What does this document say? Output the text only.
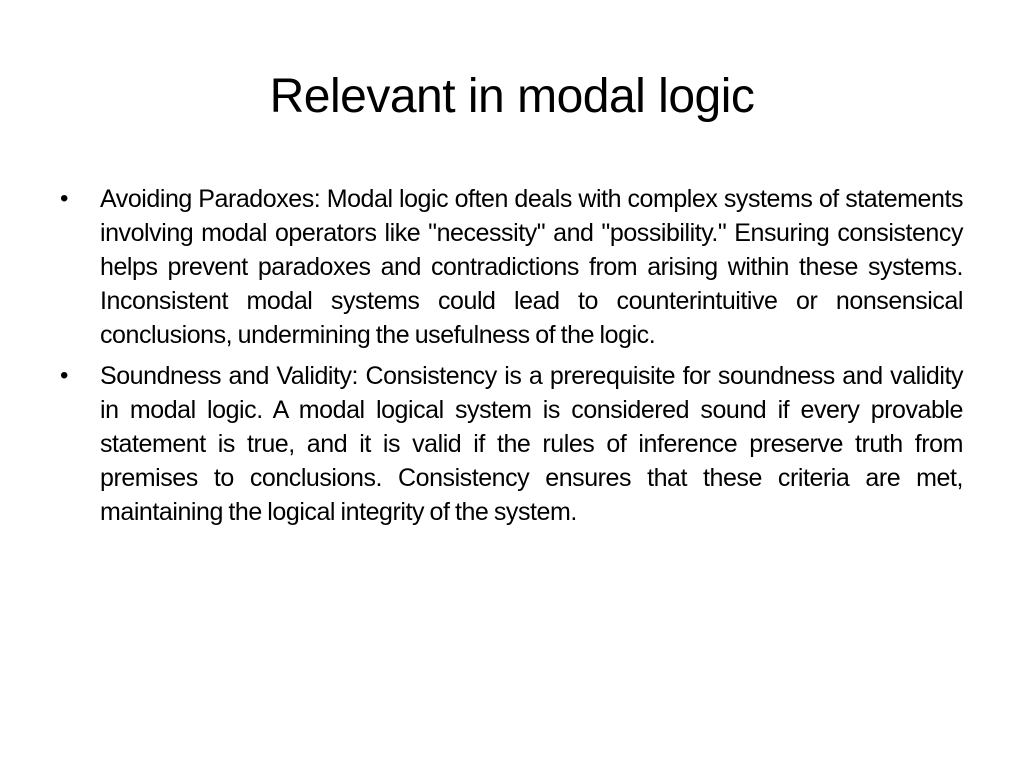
Relevant in modal logic
• Avoiding Paradoxes: Modal logic often deals with complex systems of statements involving modal operators like "necessity" and "possibility." Ensuring consistency helps prevent paradoxes and contradictions from arising within these systems. Inconsistent modal systems could lead to counterintuitive or nonsensical conclusions, undermining the usefulness of the logic.
• Soundness and Validity: Consistency is a prerequisite for soundness and validity in modal logic. A modal logical system is considered sound if every provable statement is true, and it is valid if the rules of inference preserve truth from premises to conclusions. Consistency ensures that these criteria are met, maintaining the logical integrity of the system.
